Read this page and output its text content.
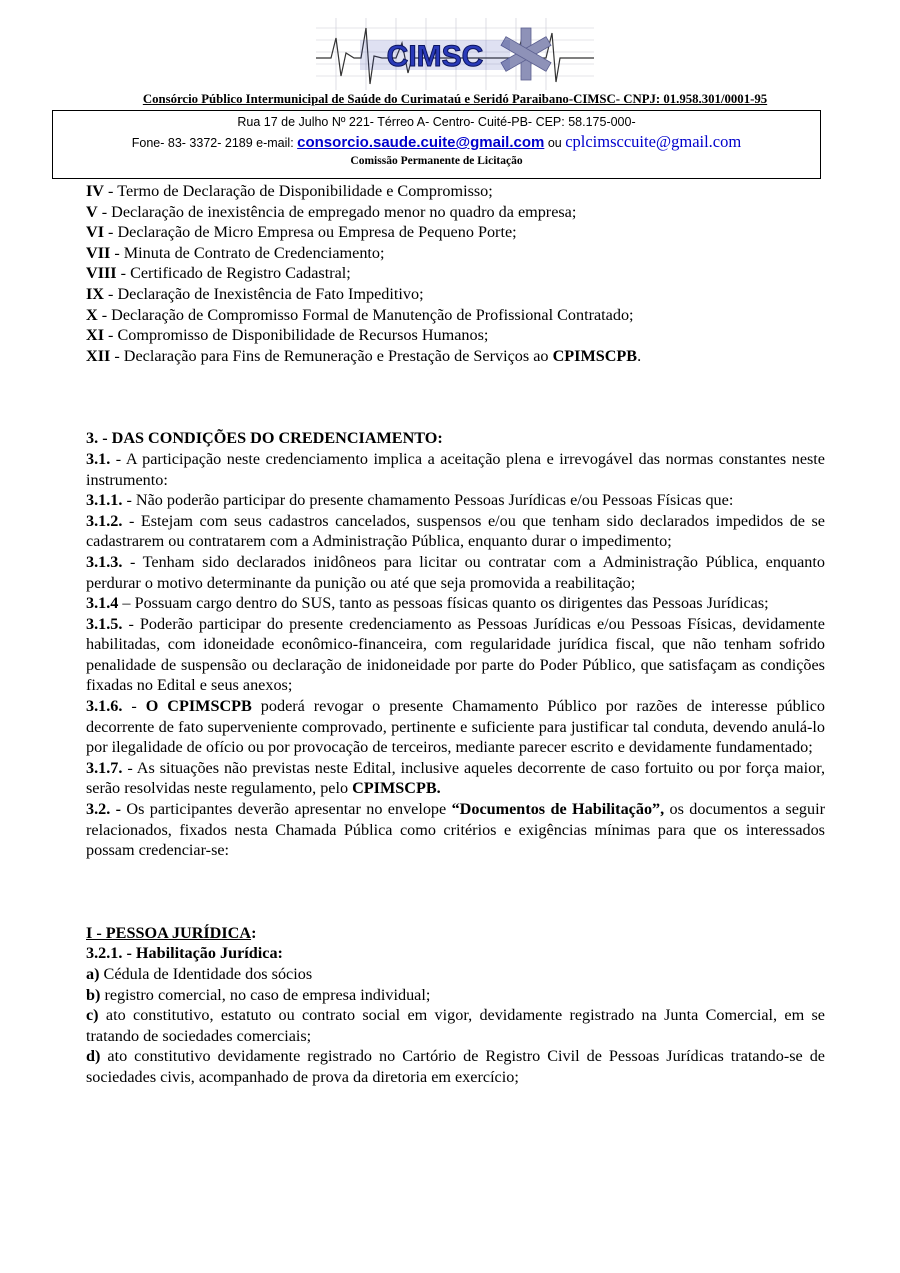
CIMSC
Consórcio Público Intermunicipal de Saúde do Curimataú e Seridó Paraibano-CIMSC- CNPJ: 01.958.301/0001-95
Rua 17 de Julho Nº 221- Térreo A- Centro- Cuité-PB- CEP: 58.175-000-
Fone- 83- 3372- 2189 e-mail: consorcio.saude.cuite@gmail.com ou cplcimsccuite@gmail.com
Comissão Permanente de Licitação

IV - Termo de Declaração de Disponibilidade e Compromisso;

V - Declaração de inexistência de empregado menor no quadro da empresa;

VI - Declaração de Micro Empresa ou Empresa de Pequeno Porte;

VII - Minuta de Contrato de Credenciamento;

VIII - Certificado de Registro Cadastral;

IX - Declaração de Inexistência de Fato Impeditivo;

X - Declaração de Compromisso Formal de Manutenção de Profissional Contratado;

XI - Compromisso de Disponibilidade de Recursos Humanos;

XII - Declaração para Fins de Remuneração e Prestação de Serviços ao CPIMSCPB.

3. - DAS CONDIÇÕES DO CREDENCIAMENTO:

3.1. - A participação neste credenciamento implica a aceitação plena e irrevogável das normas constantes neste instrumento:

3.1.1. - Não poderão participar do presente chamamento Pessoas Jurídicas e/ou Pessoas Físicas que:

3.1.2. - Estejam com seus cadastros cancelados, suspensos e/ou que tenham sido declarados impedidos de se cadastrarem ou contratarem com a Administração Pública, enquanto durar o impedimento;

3.1.3. - Tenham sido declarados inidôneos para licitar ou contratar com a Administração Pública, enquanto perdurar o motivo determinante da punição ou até que seja promovida a reabilitação;

3.1.4 – Possuam cargo dentro do SUS, tanto as pessoas físicas quanto os dirigentes das Pessoas Jurídicas;

3.1.5. - Poderão participar do presente credenciamento as Pessoas Jurídicas e/ou Pessoas Físicas, devidamente habilitadas, com idoneidade econômico-financeira, com regularidade jurídica fiscal, que não tenham sofrido penalidade de suspensão ou declaração de inidoneidade por parte do Poder Público, que satisfaçam as condições fixadas no Edital e seus anexos;

3.1.6. - O CPIMSCPB poderá revogar o presente Chamamento Público por razões de interesse público decorrente de fato superveniente comprovado, pertinente e suficiente para justificar tal conduta, devendo anulá-lo por ilegalidade de ofício ou por provocação de terceiros, mediante parecer escrito e devidamente fundamentado;

3.1.7. - As situações não previstas neste Edital, inclusive aqueles decorrente de caso fortuito ou por força maior, serão resolvidas neste regulamento, pelo CPIMSCPB.

3.2. - Os participantes deverão apresentar no envelope “Documentos de Habilitação”, os documentos a seguir relacionados, fixados nesta Chamada Pública como critérios e exigências mínimas para que os interessados possam credenciar-se:

I - PESSOA JURÍDICA:

3.2.1. - Habilitação Jurídica:

a) Cédula de Identidade dos sócios

b) registro comercial, no caso de empresa individual;

c) ato constitutivo, estatuto ou contrato social em vigor, devidamente registrado na Junta Comercial, em se tratando de sociedades comerciais;

d) ato constitutivo devidamente registrado no Cartório de Registro Civil de Pessoas Jurídicas tratando-se de sociedades civis, acompanhado de prova da diretoria em exercício;
